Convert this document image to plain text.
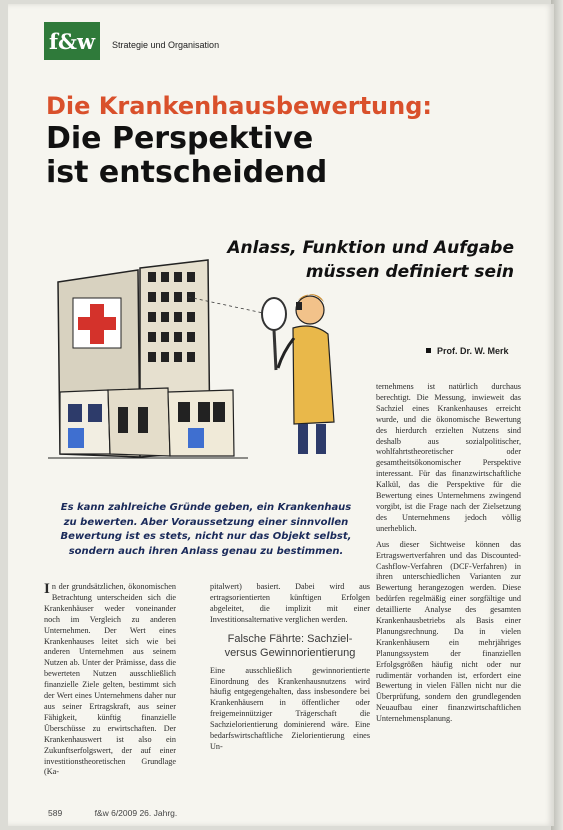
f&w	Strategie und Organisation
Die Krankenhausbewertung:
Die Perspektive
ist entscheidend
Anlass, Funktion und Aufgabe
müssen definiert sein
Prof. Dr. W. Merk
Es kann zahlreiche Gründe geben, ein Krankenhaus zu bewerten. Aber Voraussetzung einer sinnvollen Bewertung ist es stets, nicht nur das Objekt selbst, sondern auch ihren Anlass genau zu bestimmen.
In der grundsätzlichen, ökonomischen Betrachtung unterscheiden sich die Krankenhäuser weder voneinander noch im Vergleich zu anderen Unternehmen. Der Wert eines Krankenhauses leitet sich wie bei anderen Unternehmen aus seinem Nutzen ab. Unter der Prämisse, dass die bewerteten Nutzen ausschließlich finanzielle Ziele gelten, bestimmt sich der Wert eines Unternehmens daher nur aus seiner Ertragskraft, aus seiner Fähigkeit, künftig finanzielle Überschüsse zu erwirtschaften. Der Krankenhauswert ist also ein Zukunftserfolgswert, der auf einer investitionstheoretischen Grundlage (Ka-

pitalwert) basiert. Dabei wird aus ertragsorientierten künftigen Erfolgen abgeleitet, die implizit mit einer Investitionsalternative verglichen werden.

Falsche Fährte: Sachziel- versus Gewinnorientierung

Eine ausschließlich gewinnorientierte Einordnung des Krankenhausnutzens wird häufig entgegengehalten, dass insbesondere bei Krankenhäusern in öffentlicher oder freigemeinnütziger Trägerschaft die Sachzielorientierung dominierend wäre. Eine bedarfswirtschaftliche Zielorientierung eines Un-

ternehmens ist natürlich durchaus berechtigt. Die Messung, inwieweit das Sachziel eines Krankenhauses erreicht wurde, und die ökonomische Bewertung des hierdurch erzielten Nutzens sind deshalb aus sozialpolitischer, wohlfahrtstheoretischer oder gesamtheitsökonomischer Perspektive interessant. Für das finanzwirtschaftliche Kalkül, das die Perspektive für die Bewertung eines Unternehmens zwingend vorgibt, ist die Frage nach der Zielsetzung des Unternehmens jedoch völlig unerheblich.

Aus dieser Sichtweise können das Ertragswertverfahren und das Discounted-Cashflow-Verfahren (DCF-Verfahren) in ihren unterschiedlichen Varianten zur Bewertung herangezogen werden. Diese bedürfen regelmäßig einer sorgfältige und detaillierte Analyse des gesamten Krankenhausbetriebs als Basis einer Planungsrechnung. Da in vielen Krankenhäusern ein mehrjähriges Planungssystem der finanziellen Erfolgsgrößen häufig nicht oder nur rudimentär vorhanden ist, erfordert eine Bewertung in vielen Fällen nicht nur die Überprüfung, sondern den grundlegenden Neuaufbau einer finanzwirtschaftlichen Unternehmensplanung.

589	f&w 6/2009 26. Jahrg.
